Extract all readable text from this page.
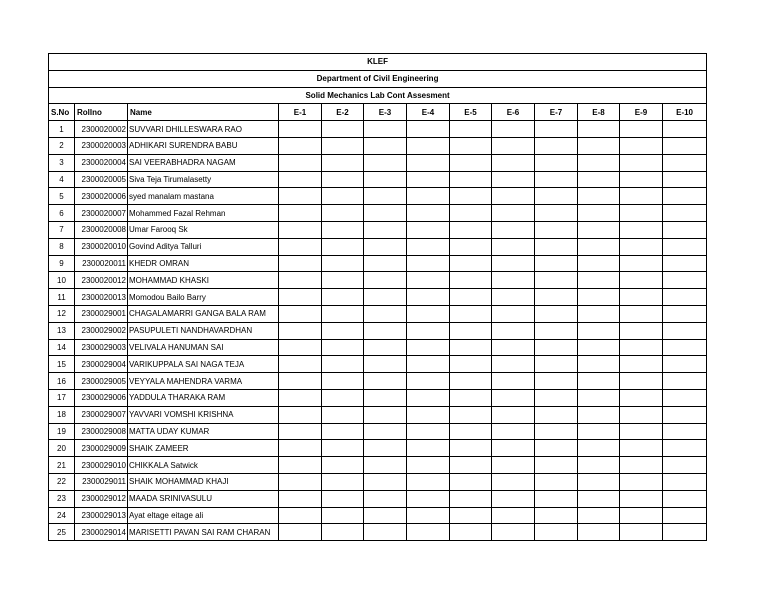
KLEF												
Department of Civil Engineering												
Solid Mechanics Lab Cont Assesment												
S.No	Rollno	Name	E-1	E-2	E-3	E-4	E-5	E-6	E-7	E-8	E-9	E-10
1	2300020002	SUVVARI DHILLESWARA RAO										
2	2300020003	ADHIKARI SURENDRA BABU										
3	2300020004	SAI VEERABHADRA NAGAM										
4	2300020005	Siva Teja Tirumalasetty										
5	2300020006	syed manalam mastana										
6	2300020007	Mohammed Fazal Rehman										
7	2300020008	Umar Farooq Sk										
8	2300020010	Govind Aditya Talluri										
9	2300020011	KHEDR OMRAN										
10	2300020012	MOHAMMAD KHASKI										
11	2300020013	Momodou Bailo Barry										
12	2300029001	CHAGALAMARRI GANGA BALA RAM										
13	2300029002	PASUPULETI NANDHAVARDHAN										
14	2300029003	VELIVALA HANUMAN SAI										
15	2300029004	VARIKUPPALA SAI NAGA TEJA										
16	2300029005	VEYYALA MAHENDRA VARMA										
17	2300029006	YADDULA THARAKA RAM										
18	2300029007	YAVVARI VOMSHI KRISHNA										
19	2300029008	MATTA UDAY KUMAR										
20	2300029009	SHAIK ZAMEER										
21	2300029010	CHIKKALA Satwick										
22	2300029011	SHAIK MOHAMMAD KHAJI										
23	2300029012	MAADA SRINIVASULU										
24	2300029013	Ayat eltage eitage ali										
25	2300029014	MARISETTI PAVAN SAI RAM CHARAN										
